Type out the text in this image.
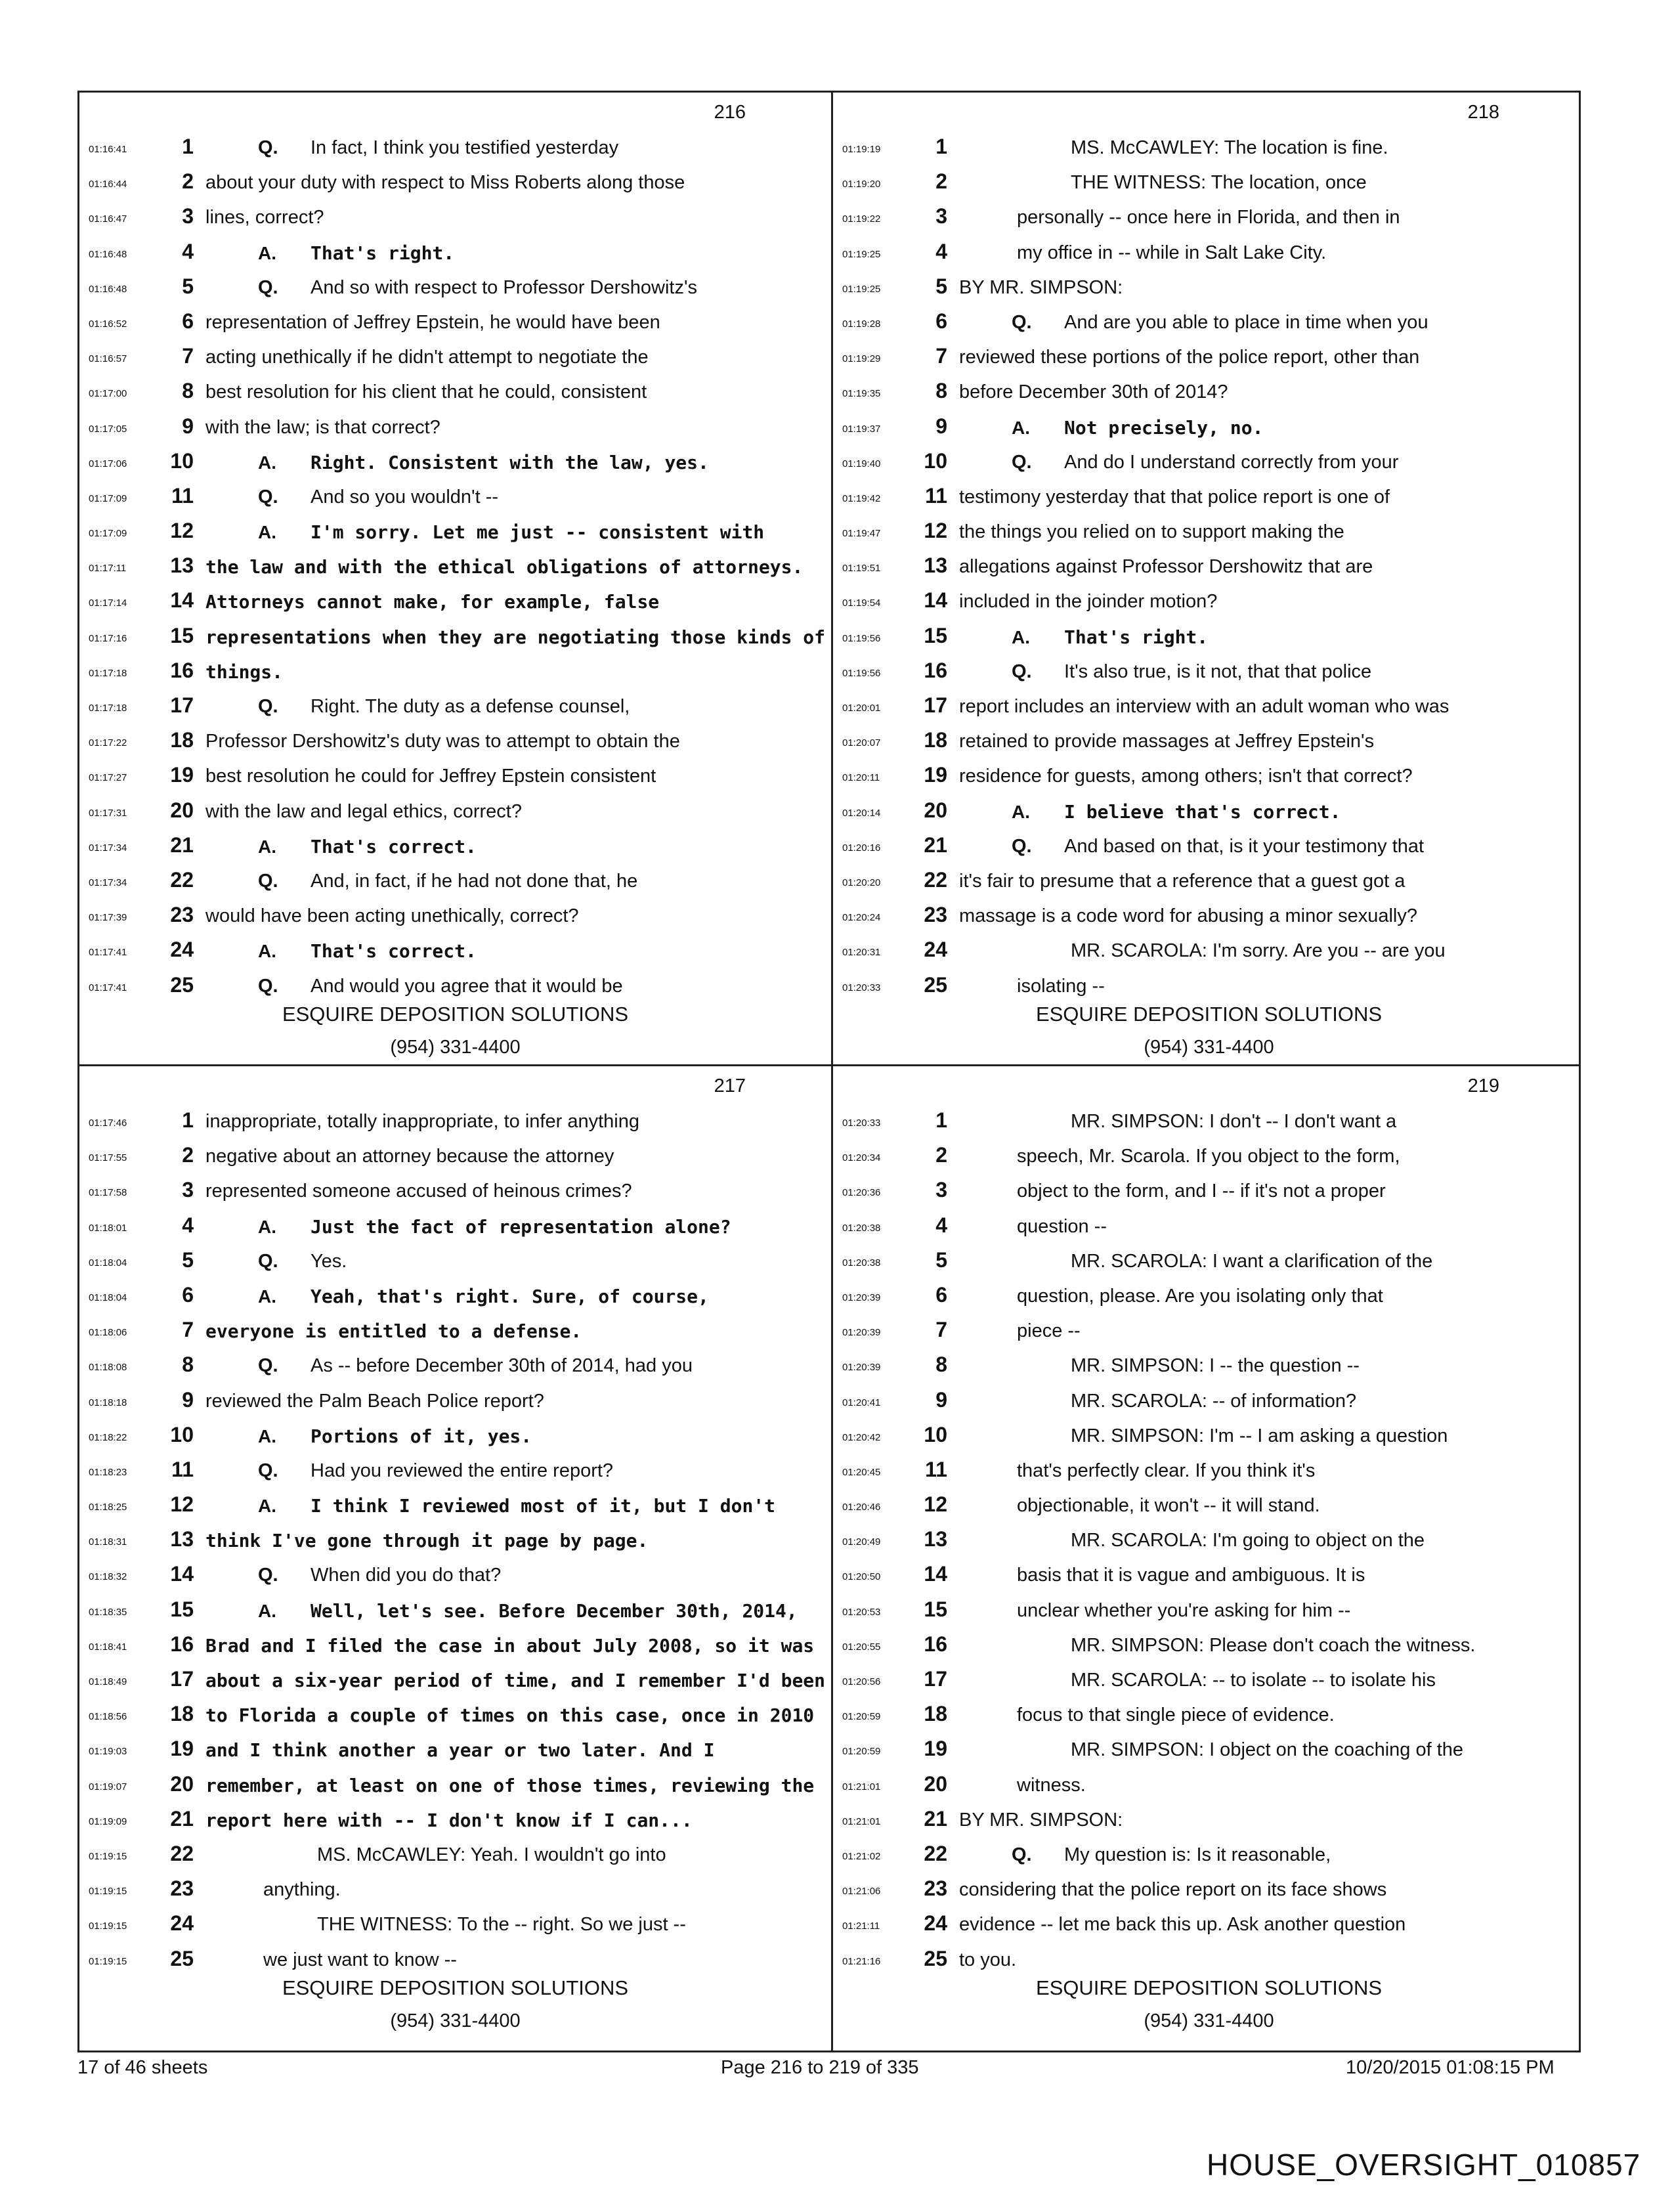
216
01:16:41	1	Q. In fact, I think you testified yesterday
01:16:44	2 about your duty with respect to Miss Roberts along those
01:16:47	3 lines, correct?
01:16:48	4	A. That's right.
01:16:48	5	Q. And so with respect to Professor Dershowitz's
01:16:52	6 representation of Jeffrey Epstein, he would have been
01:16:57	7 acting unethically if he didn't attempt to negotiate the
01:17:00	8 best resolution for his client that he could, consistent
01:17:05	9 with the law; is that correct?
01:17:06	10	A. Right. Consistent with the law, yes.
01:17:09	11	Q. And so you wouldn't --
01:17:09	12	A. I'm sorry. Let me just -- consistent with
01:17:11	13 the law and with the ethical obligations of attorneys.
01:17:14	14 Attorneys cannot make, for example, false
01:17:16	15 representations when they are negotiating those kinds of
01:17:18	16 things.
01:17:18	17	Q. Right. The duty as a defense counsel,
01:17:22	18 Professor Dershowitz's duty was to attempt to obtain the
01:17:27	19 best resolution he could for Jeffrey Epstein consistent
01:17:31	20 with the law and legal ethics, correct?
01:17:34	21	A. That's correct.
01:17:34	22	Q. And, in fact, if he had not done that, he
01:17:39	23 would have been acting unethically, correct?
01:17:41	24	A. That's correct.
01:17:41	25	Q. And would you agree that it would be
ESQUIRE DEPOSITION SOLUTIONS
(954) 331-4400
218
01:19:19	1	MS. McCAWLEY: The location is fine.
01:19:20	2	THE WITNESS: The location, once
01:19:22	3	personally -- once here in Florida, and then in
01:19:25	4	my office in -- while in Salt Lake City.
01:19:25	5 BY MR. SIMPSON:
01:19:28	6	Q. And are you able to place in time when you
01:19:29	7 reviewed these portions of the police report, other than
01:19:35	8 before December 30th of 2014?
01:19:37	9	A. Not precisely, no.
01:19:40	10	Q. And do I understand correctly from your
01:19:42	11 testimony yesterday that that police report is one of
01:19:47	12 the things you relied on to support making the
01:19:51	13 allegations against Professor Dershowitz that are
01:19:54	14 included in the joinder motion?
01:19:56	15	A. That's right.
01:19:56	16	Q. It's also true, is it not, that that police
01:20:01	17 report includes an interview with an adult woman who was
01:20:07	18 retained to provide massages at Jeffrey Epstein's
01:20:11	19 residence for guests, among others; isn't that correct?
01:20:14	20	A. I believe that's correct.
01:20:16	21	Q. And based on that, is it your testimony that
01:20:20	22 it's fair to presume that a reference that a guest got a
01:20:24	23 massage is a code word for abusing a minor sexually?
01:20:31	24	MR. SCAROLA: I'm sorry. Are you -- are you
01:20:33	25	isolating --
ESQUIRE DEPOSITION SOLUTIONS
(954) 331-4400
217
01:17:46	1 inappropriate, totally inappropriate, to infer anything
01:17:55	2 negative about an attorney because the attorney
01:17:58	3 represented someone accused of heinous crimes?
01:18:01	4	A. Just the fact of representation alone?
01:18:04	5	Q. Yes.
01:18:04	6	A. Yeah, that's right. Sure, of course,
01:18:06	7 everyone is entitled to a defense.
01:18:08	8	Q. As -- before December 30th of 2014, had you
01:18:18	9 reviewed the Palm Beach Police report?
01:18:22	10	A. Portions of it, yes.
01:18:23	11	Q. Had you reviewed the entire report?
01:18:25	12	A. I think I reviewed most of it, but I don't
01:18:31	13 think I've gone through it page by page.
01:18:32	14	Q. When did you do that?
01:18:35	15	A. Well, let's see. Before December 30th, 2014,
01:18:41	16 Brad and I filed the case in about July 2008, so it was
01:18:49	17 about a six-year period of time, and I remember I'd been
01:18:56	18 to Florida a couple of times on this case, once in 2010
01:19:03	19 and I think another a year or two later. And I
01:19:07	20 remember, at least on one of those times, reviewing the
01:19:09	21 report here with -- I don't know if I can...
01:19:15	22	MS. McCAWLEY: Yeah. I wouldn't go into
01:19:15	23	anything.
01:19:15	24	THE WITNESS: To the -- right. So we just --
01:19:15	25	we just want to know --
ESQUIRE DEPOSITION SOLUTIONS
(954) 331-4400
219
01:20:33	1	MR. SIMPSON: I don't -- I don't want a
01:20:34	2	speech, Mr. Scarola. If you object to the form,
01:20:36	3	object to the form, and I -- if it's not a proper
01:20:38	4	question --
01:20:38	5	MR. SCAROLA: I want a clarification of the
01:20:39	6	question, please. Are you isolating only that
01:20:39	7	piece --
01:20:39	8	MR. SIMPSON: I -- the question --
01:20:41	9	MR. SCAROLA: -- of information?
01:20:42	10	MR. SIMPSON: I'm -- I am asking a question
01:20:45	11	that's perfectly clear. If you think it's
01:20:46	12	objectionable, it won't -- it will stand.
01:20:49	13	MR. SCAROLA: I'm going to object on the
01:20:50	14	basis that it is vague and ambiguous. It is
01:20:53	15	unclear whether you're asking for him --
01:20:55	16	MR. SIMPSON: Please don't coach the witness.
01:20:56	17	MR. SCAROLA: -- to isolate -- to isolate his
01:20:59	18	focus to that single piece of evidence.
01:20:59	19	MR. SIMPSON: I object on the coaching of the
01:21:01	20	witness.
01:21:01	21 BY MR. SIMPSON:
01:21:02	22	Q. My question is: Is it reasonable,
01:21:06	23 considering that the police report on its face shows
01:21:11	24 evidence -- let me back this up. Ask another question
01:21:16	25 to you.
ESQUIRE DEPOSITION SOLUTIONS
(954) 331-4400
17 of 46 sheets	Page 216 to 219 of 335	10/20/2015 01:08:15 PM
HOUSE_OVERSIGHT_010857
